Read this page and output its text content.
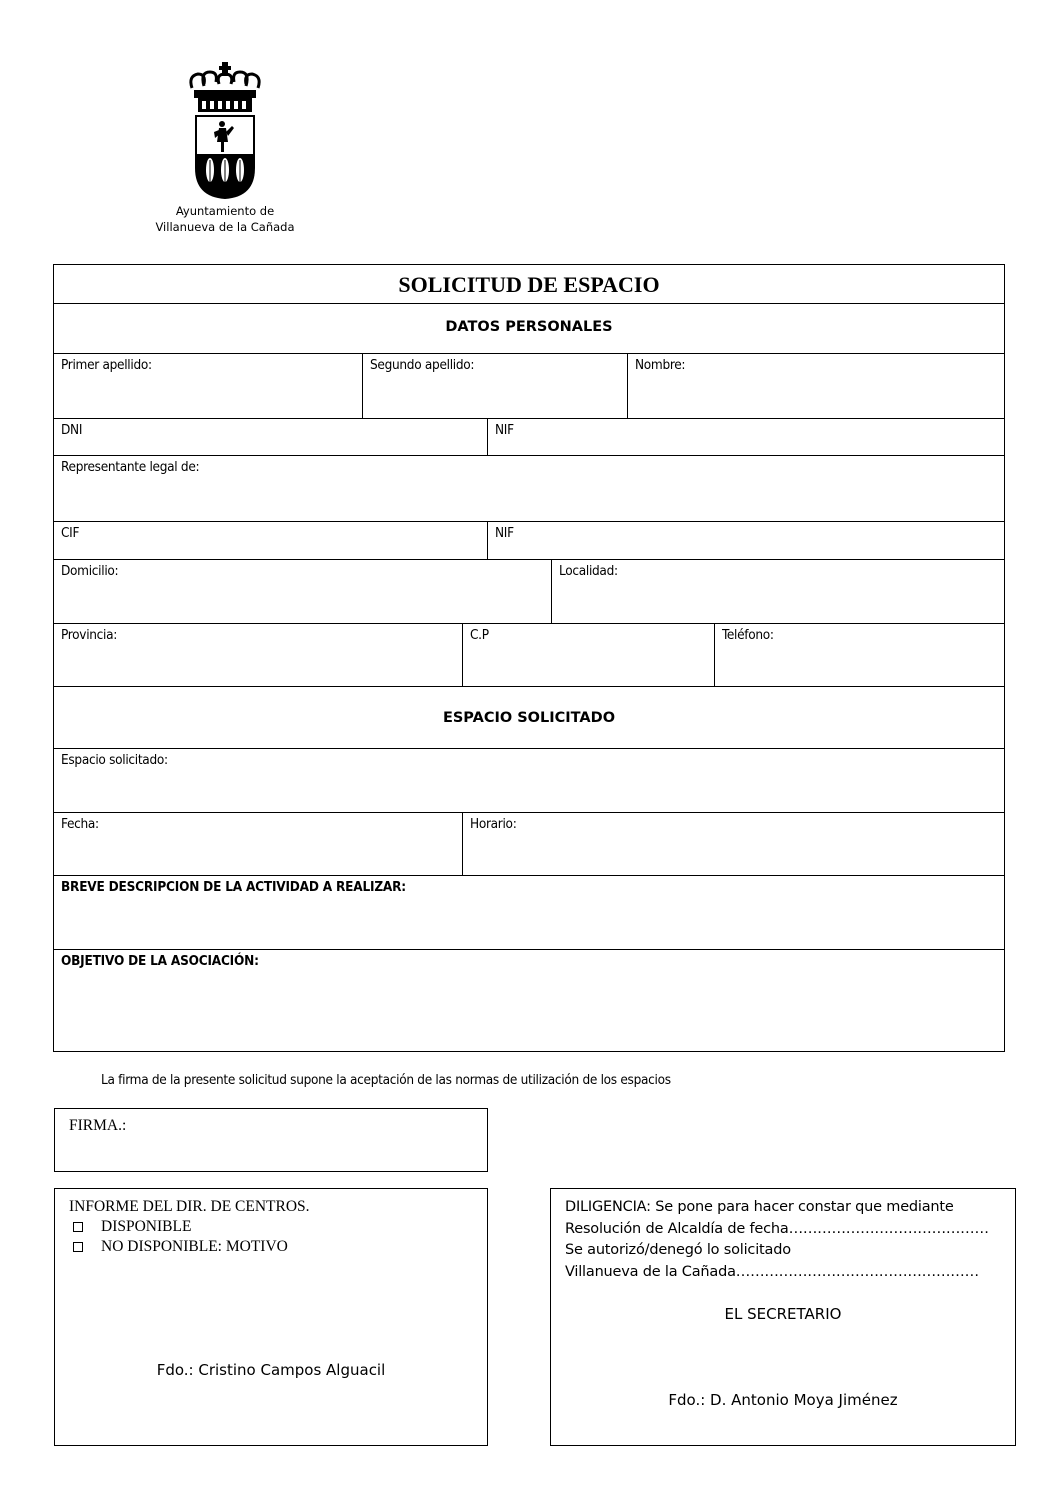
Ayuntamiento de
Villanueva de la Cañada
SOLICITUD DE ESPACIO
DATOS PERSONALES
Primer apellido:	Segundo apellido:	Nombre:
DNI	NIF
Representante legal de:
CIF	NIF
Domicilio:	Localidad:
Provincia:	C.P	Teléfono:
ESPACIO SOLICITADO
Espacio solicitado:
Fecha:	Horario:
BREVE DESCRIPCION DE LA ACTIVIDAD A REALIZAR:
OBJETIVO DE LA ASOCIACIÓN:
La firma de la presente solicitud supone la aceptación de las normas de utilización de los espacios
FIRMA.:
INFORME DEL DIR. DE CENTROS.
DISPONIBLE
NO DISPONIBLE: MOTIVO
Fdo.: Cristino Campos Alguacil
DILIGENCIA: Se pone para hacer constar que mediante
Resolución de Alcaldía de fecha……………………………………
Se autorizó/denegó lo solicitado
Villanueva de la Cañada……………………………………………
EL SECRETARIO
Fdo.: D. Antonio Moya Jiménez
